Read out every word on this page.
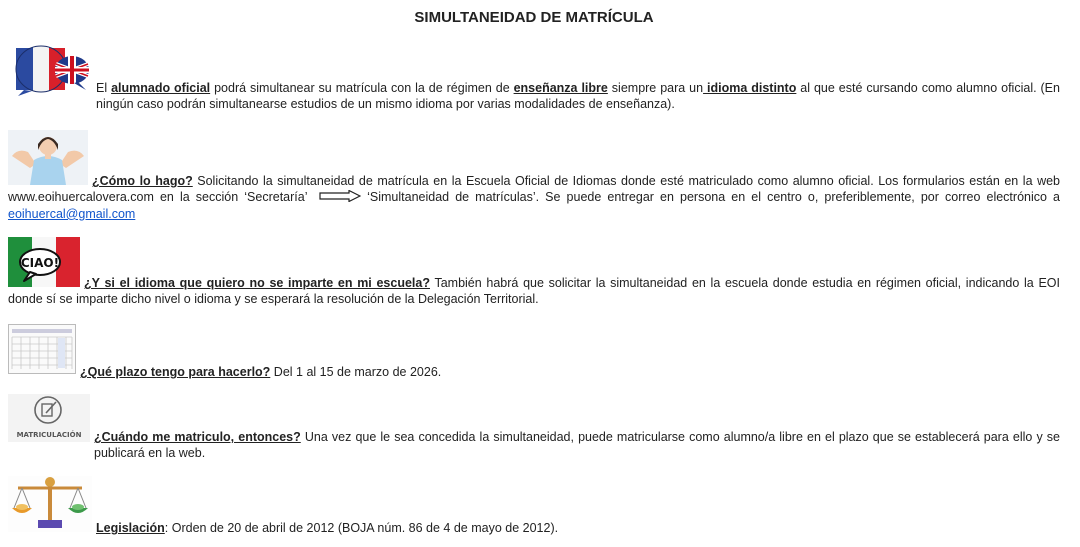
SIMULTANEIDAD DE MATRÍCULA
El alumnado oficial podrá simultanear su matrícula con la de régimen de enseñanza libre siempre para un idioma distinto al que esté cursando como alumno oficial. (En ningún caso podrán simultanearse estudios de un mismo idioma por varias modalidades de enseñanza).
¿Cómo lo hago? Solicitando la simultaneidad de matrícula en la Escuela Oficial de Idiomas donde esté matriculado como alumno oficial. Los formularios están en la web www.eoihuercalovera.com en la sección ‘Secretaría’	‘Simultaneidad de matrículas’. Se puede entregar en persona en el centro o, preferiblemente, por correo electrónico a eoihuercal@gmail.com
CIAO!
¿Y si el idioma que quiero no se imparte en mi escuela? También habrá que solicitar la simultaneidad en la escuela donde estudia en régimen oficial, indicando la EOI donde sí se imparte dicho nivel o idioma y se esperará la resolución de la Delegación Territorial.
¿Qué plazo tengo para hacerlo? Del 1 al 15 de marzo de 2026.
MATRICULACIÓN	¿Cuándo me matriculo, entonces? Una vez que le sea concedida la simultaneidad, puede matricularse como alumno/a libre en el plazo que se establecerá para ello y se publicará en la web.
Legislación: Orden de 20 de abril de 2012 (BOJA núm. 86 de 4 de mayo de 2012).
